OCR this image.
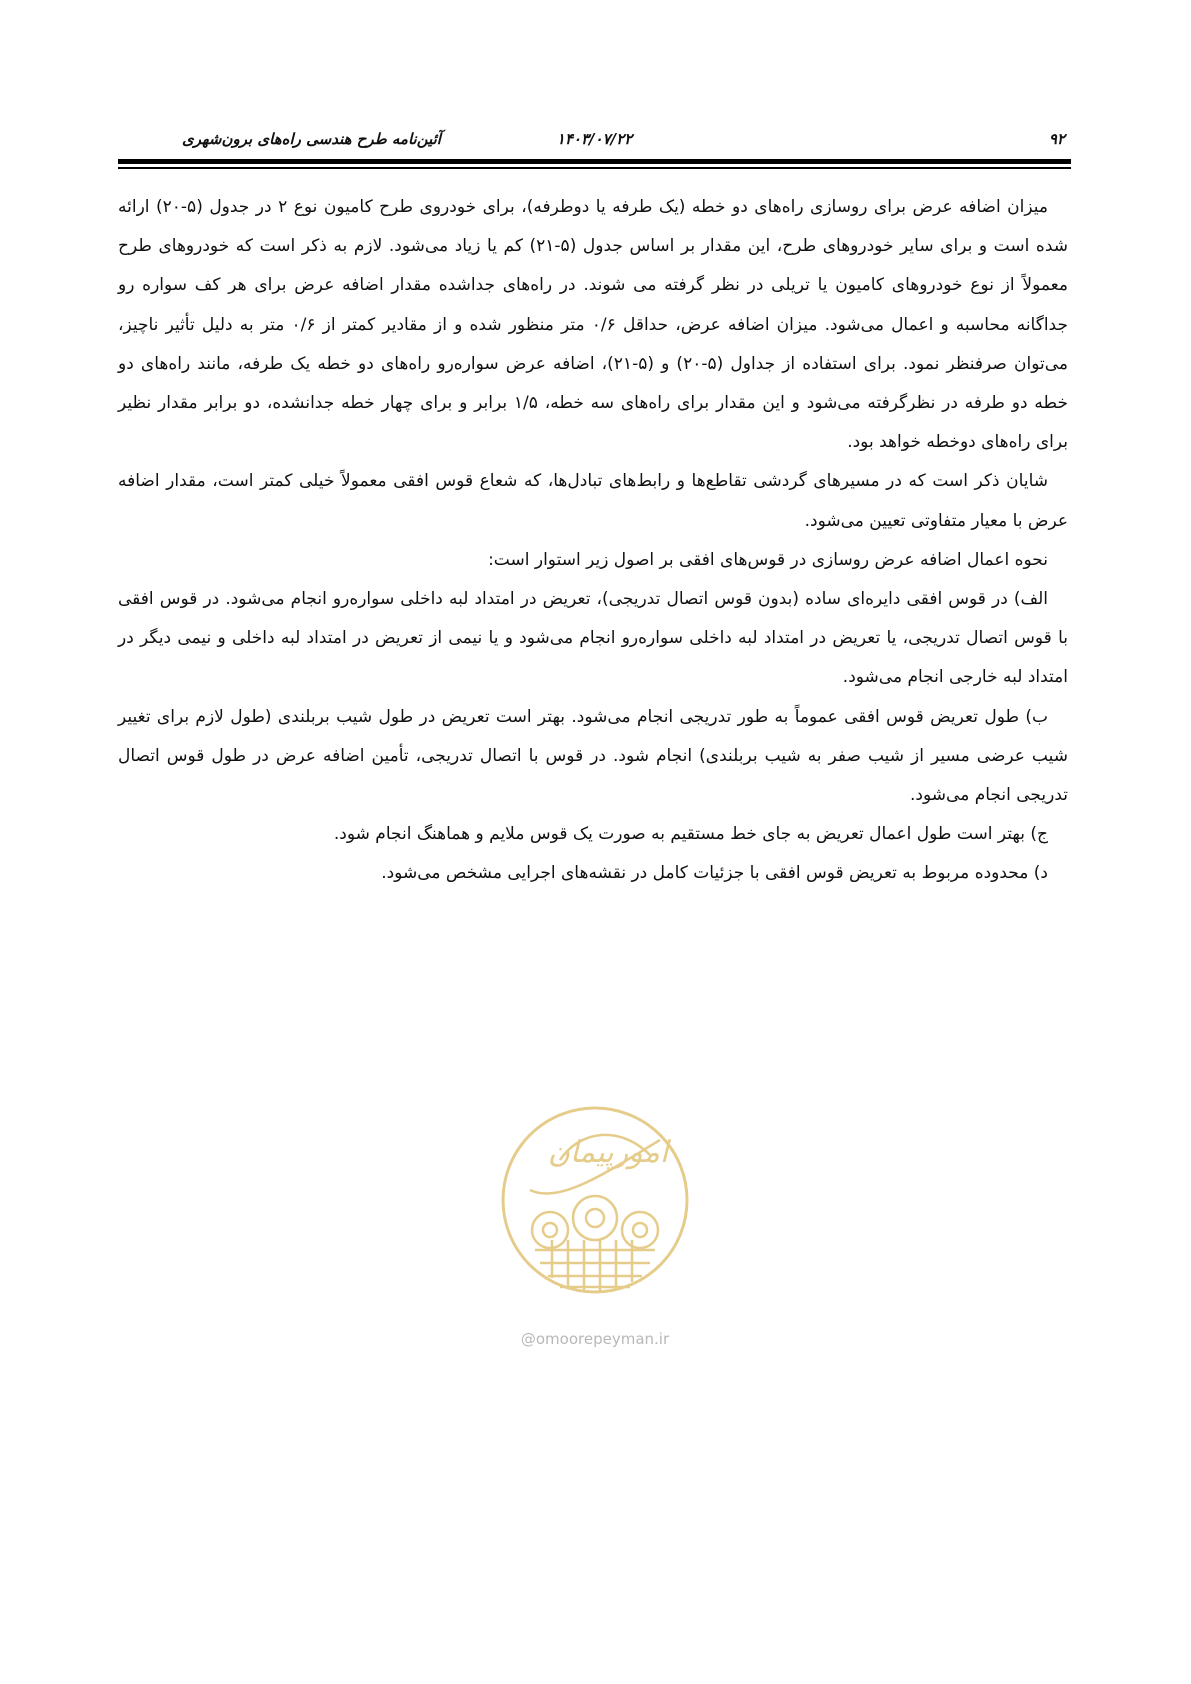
۹۲
۱۴۰۳/۰۷/۲۲
آئین‌نامه طرح هندسی راه‌های برون‌شهری

میزان اضافه عرض برای روسازی راه‌های دو خطه (یک طرفه یا دوطرفه)، برای خودروی طرح کامیون نوع ۲ در جدول (۵-۲۰) ارائه شده است و برای سایر خودروهای طرح، این مقدار بر اساس جدول (۵-۲۱) کم یا زیاد می‌شود. لازم به ذکر است که خودروهای طرح معمولاً از نوع خودروهای کامیون یا تریلی در نظر گرفته می شوند. در راه‌های جداشده مقدار اضافه عرض برای هر کف سواره رو جداگانه محاسبه و اعمال می‌شود. میزان اضافه عرض، حداقل ۰/۶ متر منظور شده و از مقادیر کمتر از ۰/۶ متر به دلیل تأثیر ناچیز، می‌توان صرفنظر نمود. برای استفاده از جداول (۵-۲۰) و (۵-۲۱)، اضافه عرض سواره‌رو راه‌های دو خطه یک طرفه، مانند راه‌های دو خطه دو طرفه در نظرگرفته می‌شود و این مقدار برای راه‌های سه خطه، ۱/۵ برابر و برای چهار خطه جدانشده، دو برابر مقدار نظیر برای راه‌های دوخطه خواهد بود.

شایان ذکر است که در مسیرهای گردشی تقاطع‌ها و رابط‌های تبادل‌ها، که شعاع قوس افقی معمولاً خیلی کمتر است، مقدار اضافه عرض با معیار متفاوتی تعیین می‌شود.

نحوه اعمال اضافه عرض روسازی در قوس‌های افقی بر اصول زیر استوار است:

الف) در قوس افقی دایره‌ای ساده (بدون قوس اتصال تدریجی)، تعریض در امتداد لبه داخلی سواره‌رو انجام می‌شود. در قوس افقی با قوس اتصال تدریجی، یا تعریض در امتداد لبه داخلی سواره‌رو انجام می‌شود و یا نیمی از تعریض در امتداد لبه داخلی و نیمی دیگر در امتداد لبه خارجی انجام می‌شود.

ب) طول تعریض قوس افقی عموماً به طور تدریجی انجام می‌شود. بهتر است تعریض در طول شیب بربلندی (طول لازم برای تغییر شیب عرضی مسیر از شیب صفر به شیب بربلندی) انجام شود. در قوس با اتصال تدریجی، تأمین اضافه عرض در طول قوس اتصال تدریجی انجام می‌شود.

ج) بهتر است طول اعمال تعریض به جای خط مستقیم به صورت یک قوس ملایم و هماهنگ انجام شود.

د) محدوده مربوط به تعریض قوس افقی با جزئیات کامل در نقشه‌های اجرایی مشخص می‌شود.

امورپیمان
@omoorepeyman.ir
